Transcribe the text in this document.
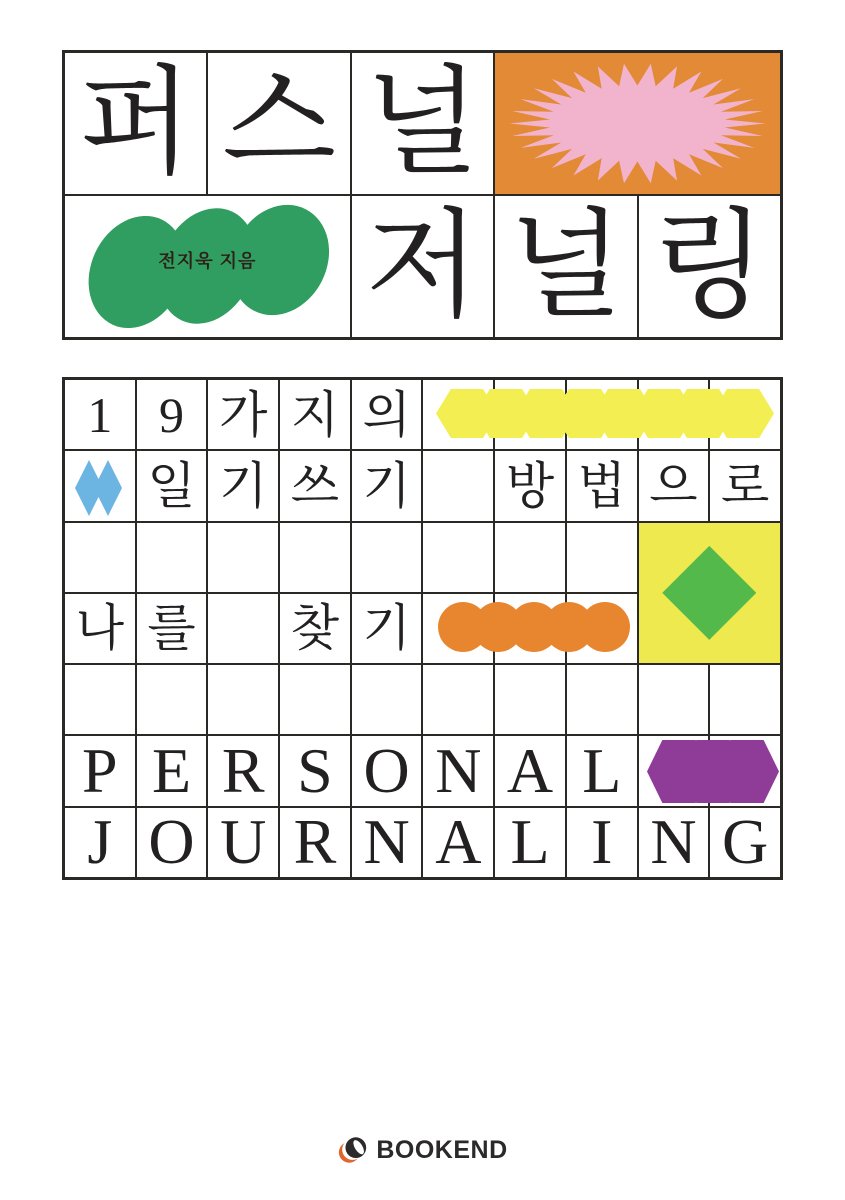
퍼 스 널
전지욱 지음 저 널 링
1 9 가 지 의
일 기 쓰 기 방 법 으 로
나 를 찾 기
P E R S O N A L
J O U R N A L I N G
BOOKEND
